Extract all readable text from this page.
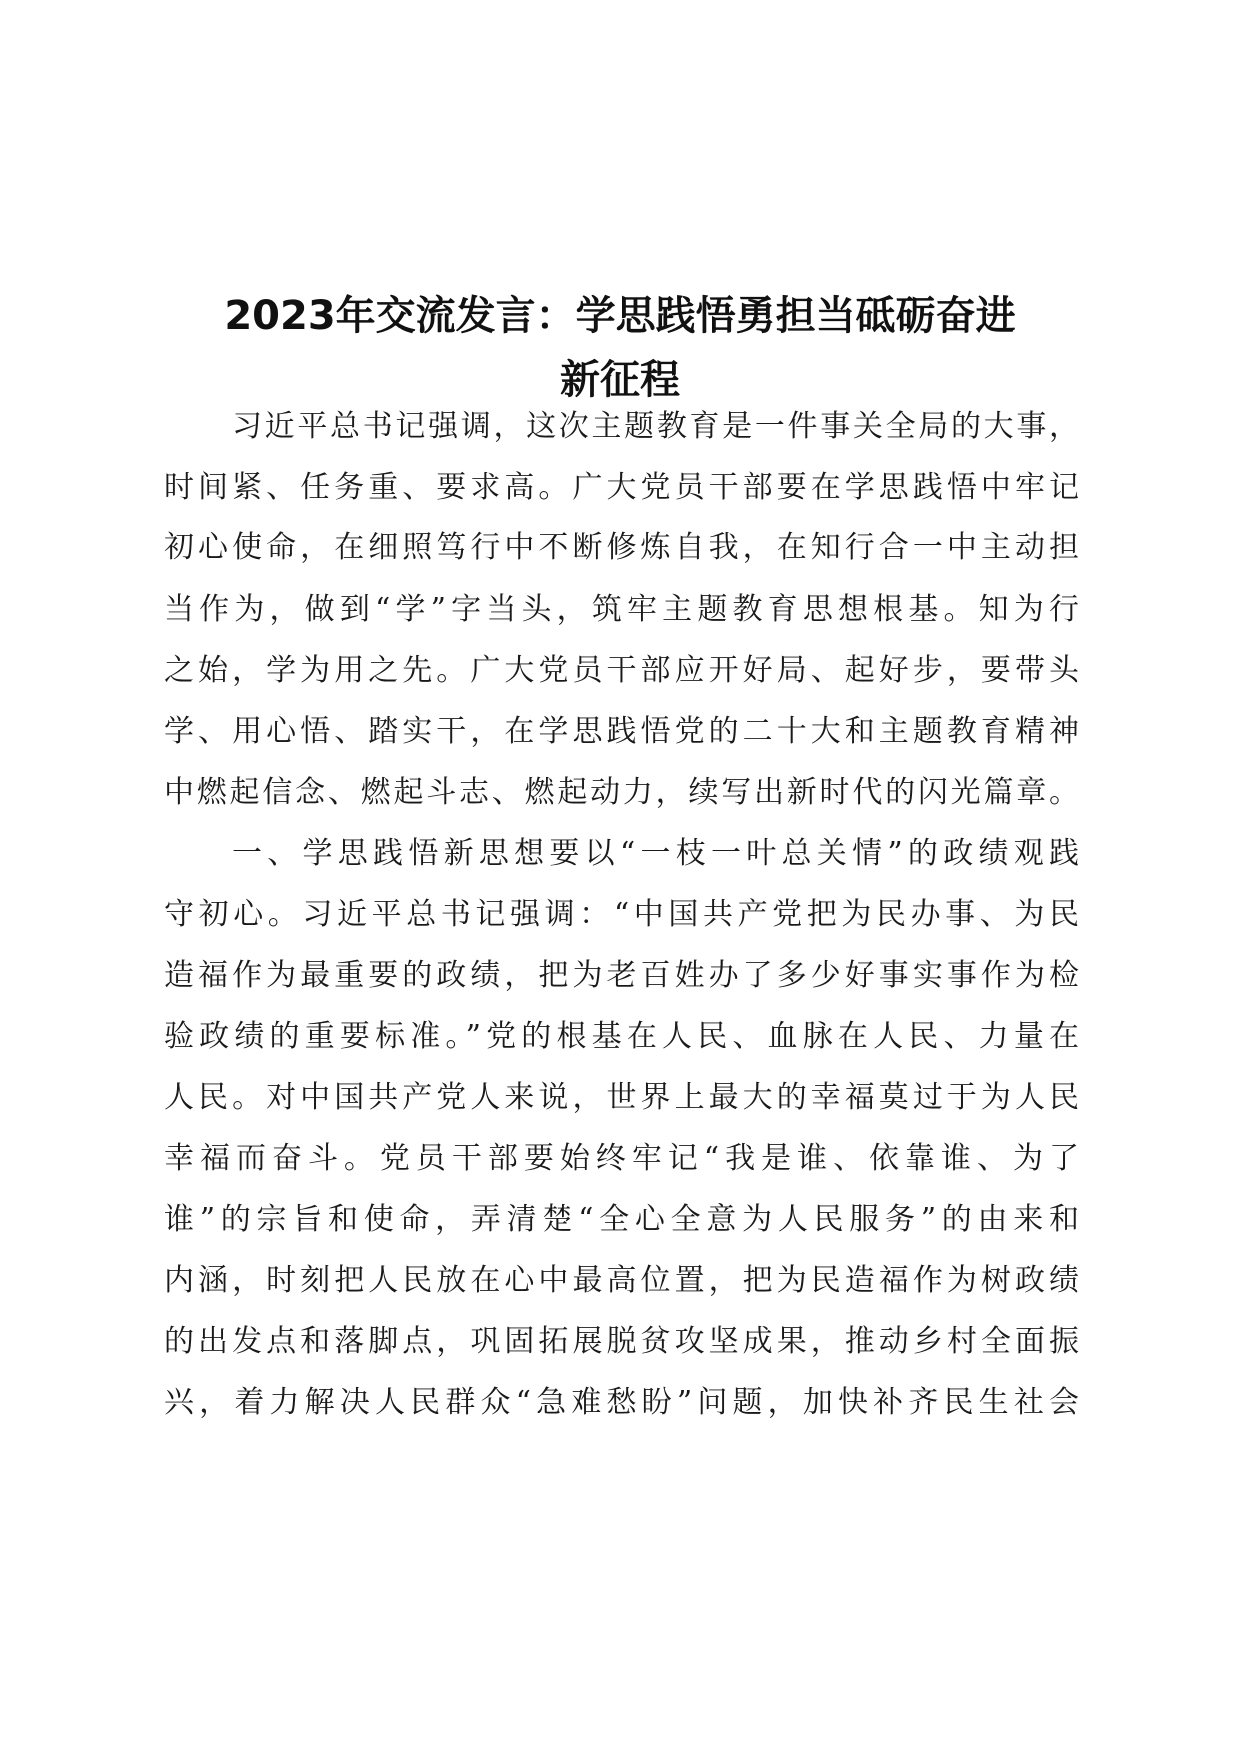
2023年交流发言：学思践悟勇担当砥砺奋进
新征程
习近平总书记强调，这次主题教育是一件事关全局的大事，
时间紧、任务重、要求高。广大党员干部要在学思践悟中牢记
初心使命，在细照笃行中不断修炼自我，在知行合一中主动担
当作为，做到“学”字当头，筑牢主题教育思想根基。知为行
之始，学为用之先。广大党员干部应开好局、起好步，要带头
学、用心悟、踏实干，在学思践悟党的二十大和主题教育精神
中燃起信念、燃起斗志、燃起动力，续写出新时代的闪光篇章。
一、学思践悟新思想要以“一枝一叶总关情”的政绩观践
守初心。习近平总书记强调：“中国共产党把为民办事、为民
造福作为最重要的政绩，把为老百姓办了多少好事实事作为检
验政绩的重要标准。”党的根基在人民、血脉在人民、力量在
人民。对中国共产党人来说，世界上最大的幸福莫过于为人民
幸福而奋斗。党员干部要始终牢记“我是谁、依靠谁、为了
谁”的宗旨和使命，弄清楚“全心全意为人民服务”的由来和
内涵，时刻把人民放在心中最高位置，把为民造福作为树政绩
的出发点和落脚点，巩固拓展脱贫攻坚成果，推动乡村全面振
兴，着力解决人民群众“急难愁盼”问题，加快补齐民生社会
